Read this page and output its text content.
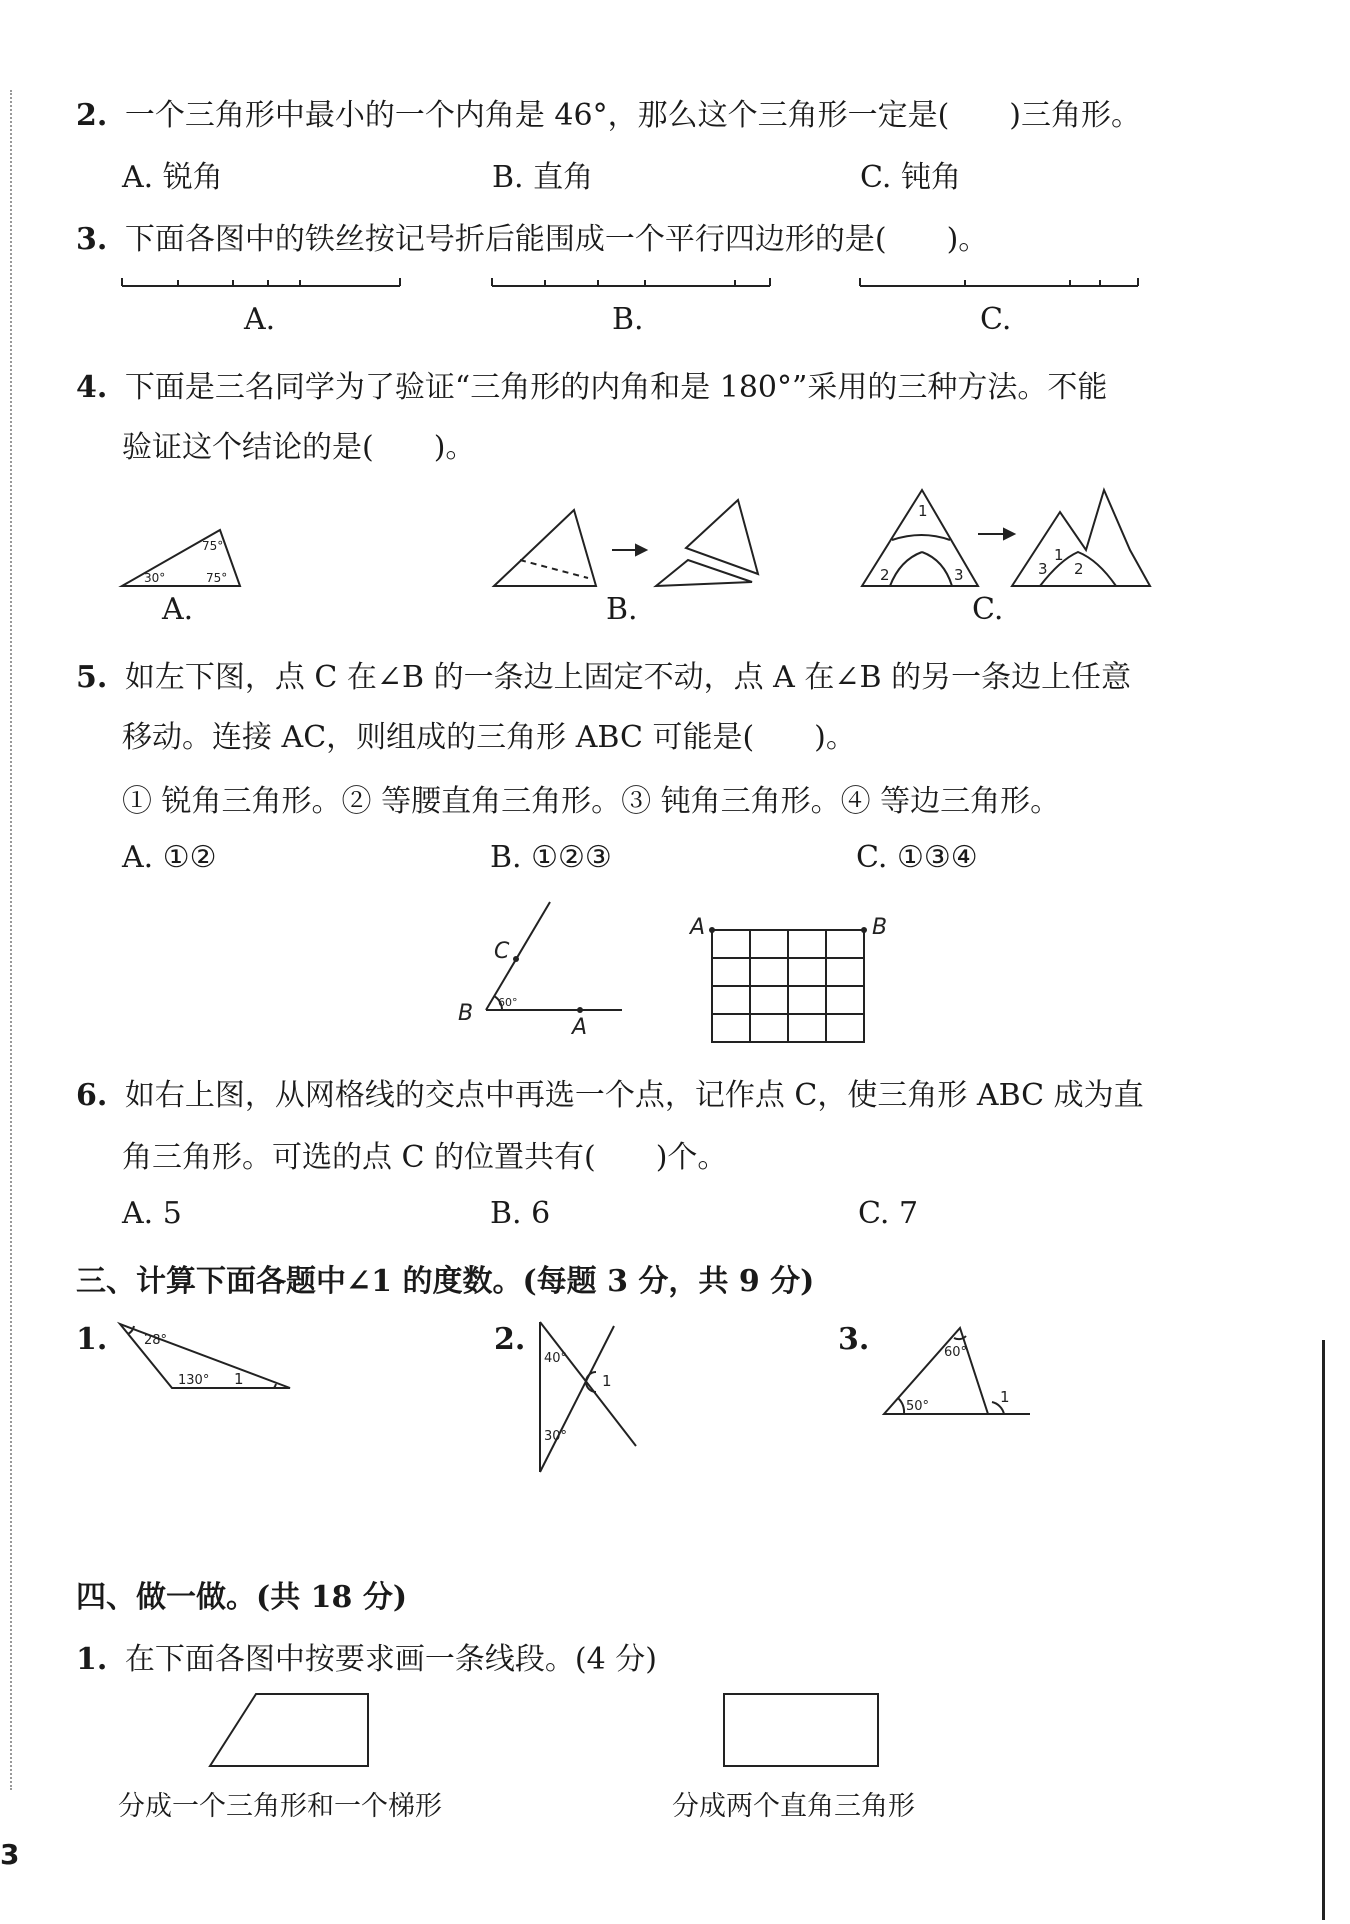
2. 一个三角形中最小的一个内角是 46°，那么这个三角形一定是(　　)三角形。
A. 锐角	B. 直角	C. 钝角
3. 下面各图中的铁丝按记号折后能围成一个平行四边形的是(　　)。
A.	B.	C.
4. 下面是三名同学为了验证“三角形的内角和是 180°”采用的三种方法。不能
验证这个结论的是(　　)。
75°
30°	75°
1
2	3
1
3 2
A.	B.	C.
5. 如左下图，点 C 在∠B 的一条边上固定不动，点 A 在∠B 的另一条边上任意
移动。连接 AC，则组成的三角形 ABC 可能是(　　)。
① 锐角三角形。② 等腰直角三角形。③ 钝角三角形。④ 等边三角形。
A. ①②	B. ①②③	C. ①③④
C
B
A
60°
A	B
6. 如右上图，从网格线的交点中再选一个点，记作点 C，使三角形 ABC 成为直
角三角形。可选的点 C 的位置共有(　　)个。
A. 5	B. 6	C. 7
三、计算下面各题中∠1 的度数。(每题 3 分，共 9 分)
1.	2.	3.
28°
130° 1
40°
1
30°
60°
50°
1
四、做一做。(共 18 分)
1. 在下面各图中按要求画一条线段。(4 分)
分成一个三角形和一个梯形	分成两个直角三角形
3
